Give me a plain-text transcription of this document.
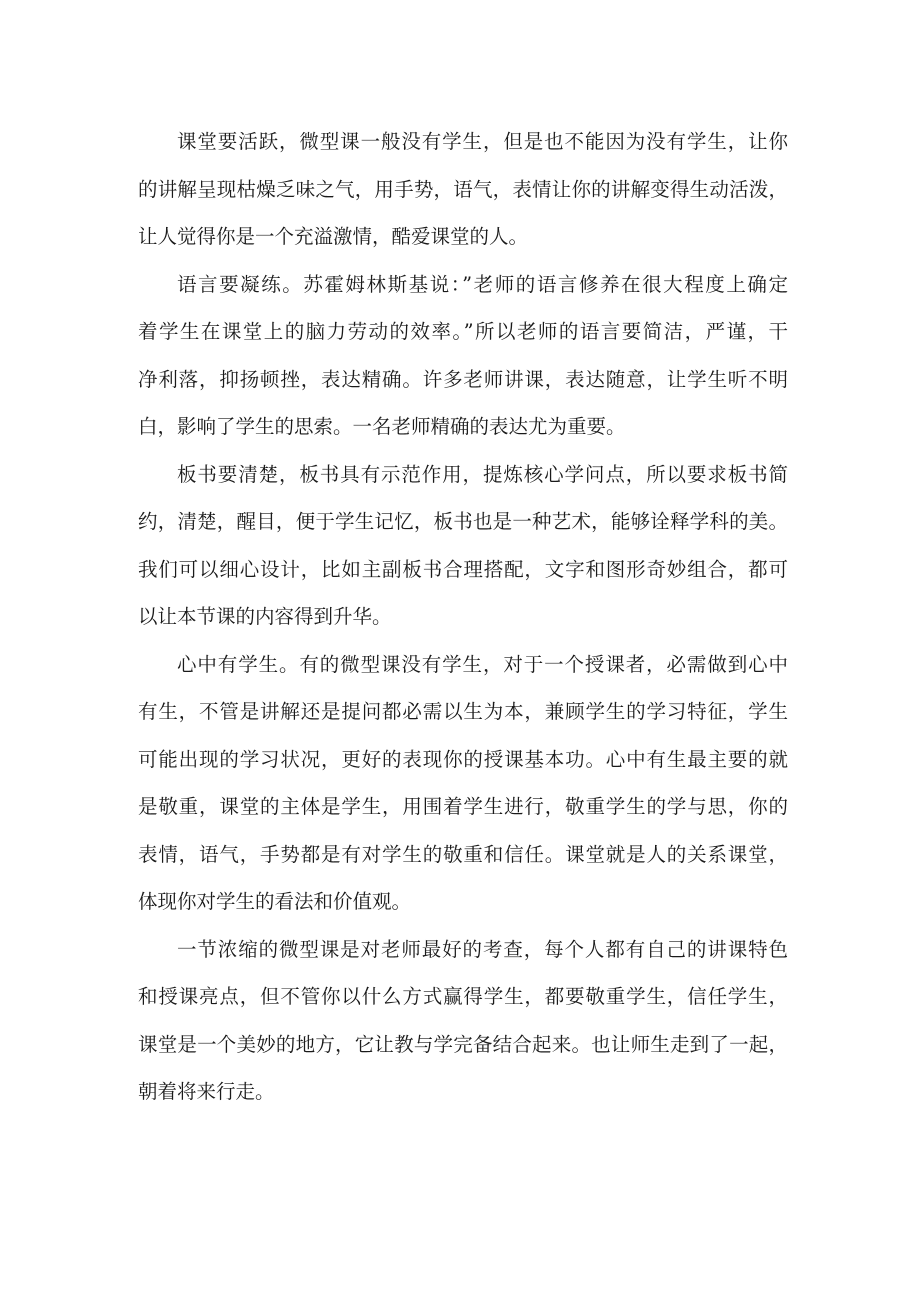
课堂要活跃，微型课一般没有学生，但是也不能因为没有学生，让你
的讲解呈现枯燥乏味之气，用手势，语气，表情让你的讲解变得生动活泼，
让人觉得你是一个充溢激情，酷爱课堂的人。
语言要凝练。苏霍姆林斯基说：”老师的语言修养在很大程度上确定
着学生在课堂上的脑力劳动的效率。”所以老师的语言要简洁，严谨，干
净利落，抑扬顿挫，表达精确。许多老师讲课，表达随意，让学生听不明
白，影响了学生的思索。一名老师精确的表达尤为重要。
板书要清楚，板书具有示范作用，提炼核心学问点，所以要求板书简
约，清楚，醒目，便于学生记忆，板书也是一种艺术，能够诠释学科的美。
我们可以细心设计，比如主副板书合理搭配，文字和图形奇妙组合，都可
以让本节课的内容得到升华。
心中有学生。有的微型课没有学生，对于一个授课者，必需做到心中
有生，不管是讲解还是提问都必需以生为本，兼顾学生的学习特征，学生
可能出现的学习状况，更好的表现你的授课基本功。心中有生最主要的就
是敬重，课堂的主体是学生，用围着学生进行，敬重学生的学与思，你的
表情，语气，手势都是有对学生的敬重和信任。课堂就是人的关系课堂，
体现你对学生的看法和价值观。
一节浓缩的微型课是对老师最好的考查，每个人都有自己的讲课特色
和授课亮点，但不管你以什么方式赢得学生，都要敬重学生，信任学生，
课堂是一个美妙的地方，它让教与学完备结合起来。也让师生走到了一起，
朝着将来行走。
